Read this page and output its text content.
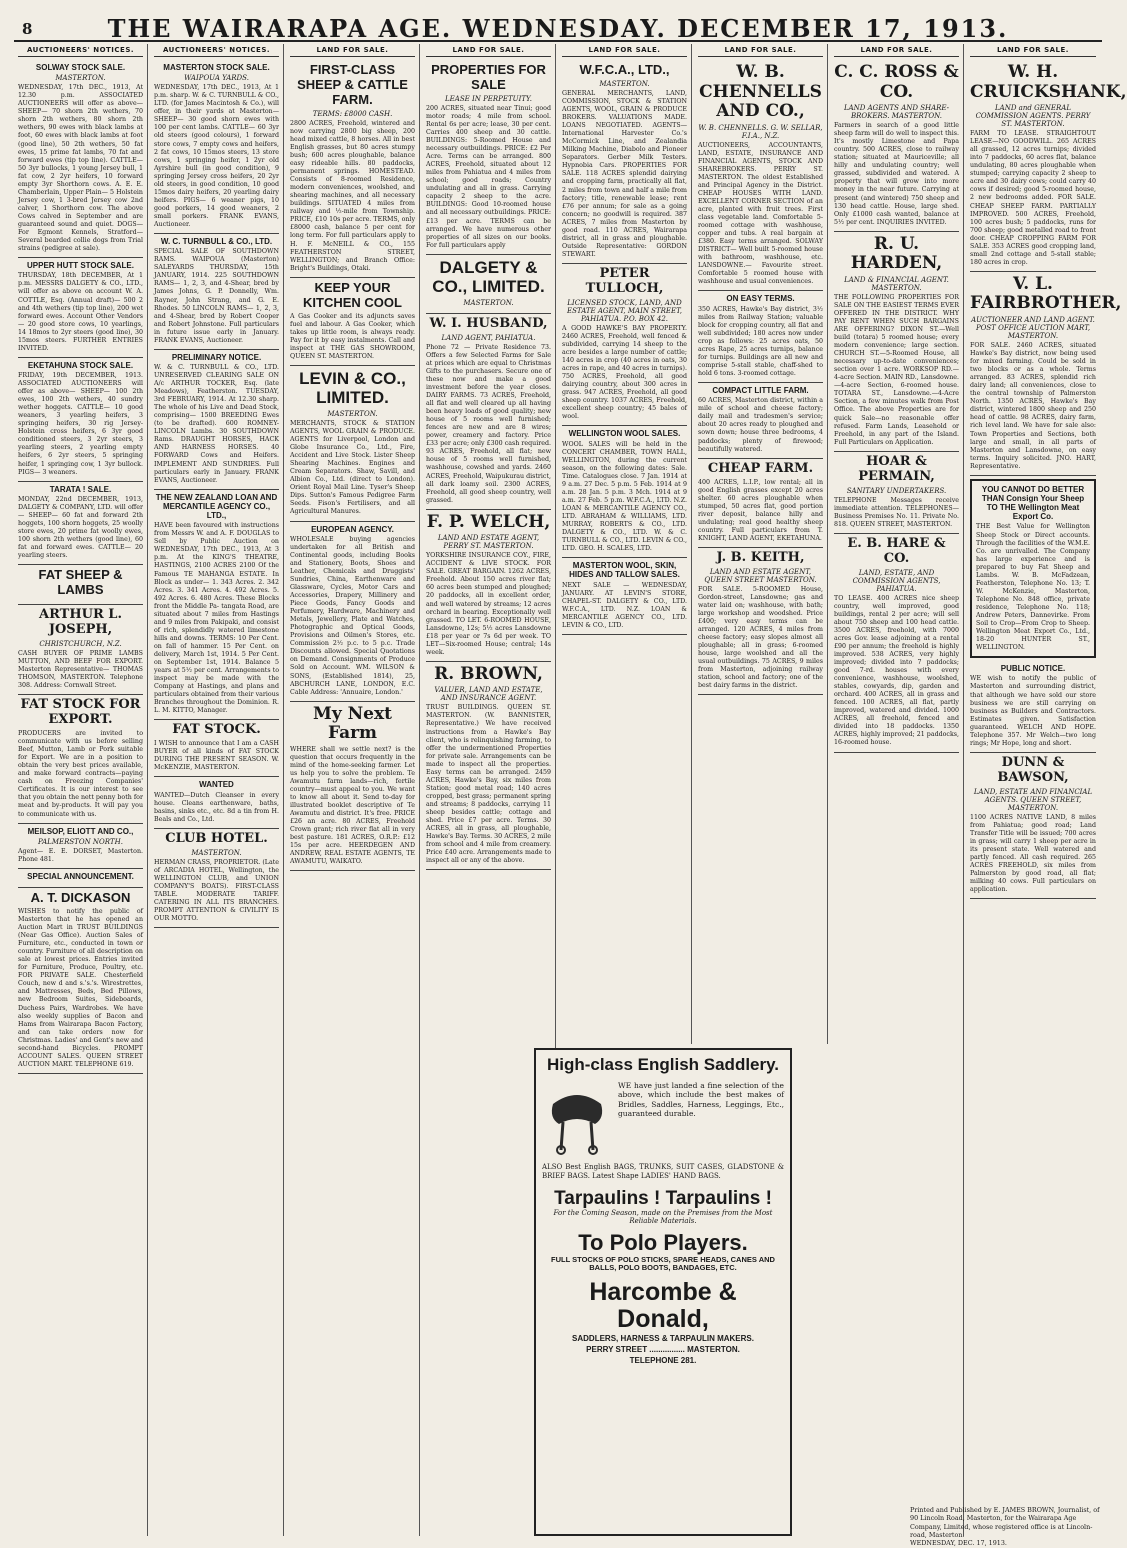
8	THE WAIRARAPA AGE. WEDNESDAY. DECEMBER 17, 1913.
AUCTIONEERS' NOTICES.
SOLWAY STOCK SALE.
MASTERTON.
WEDNESDAY, 17th DEC., 1913, At 12.30 p.m. ASSOCIATED AUCTIONEERS will offer as above— SHEEP— 70 shorn 2th wethers, 70 shorn 2th wethers, 80 shorn 2th wethers, 90 ewes with black lambs at foot, 60 ewes with black lambs at foot (good line), 50 2th wethers, 50 fat ewes, 15 prime fat lambs, 70 fat and forward ewes (tip top line). CATTLE— 50 3yr bullocks, 1 young Jersey bull, 1 fat cow, 2 2yr heifers, 10 forward empty 3yr Shorthorn cows. A. E. E. Chamberlain, Upper Plain— 5 Holstein Jersey cow, 1 3-bred Jersey cow 2nd calver, 1 Shorthorn cow. The above Cows calved in September and are guaranteed sound and quiet. DOGS— For Egmont Kennels, Stratford— Several bearded collie dogs from Trial strains (pedigree at sale).
UPPER HUTT STOCK SALE.
THURSDAY, 18th DECEMBER, At 1 p.m. MESSRS DALGETY & CO., LTD., will offer as above on account W. A. COTTLE, Esq. (Annual draft)— 500 2 and 4th wethers (tip top line), 200 wet forward ewes. Account Other Vendors— 20 good store cows, 10 yearlings, 14 18mos to 2yr steers (good line), 30 15mos steers. FURTHER ENTRIES INVITED.
EKETAHUNA STOCK SALE.
FRIDAY, 19th DECEMBER, 1913. ASSOCIATED AUCTIONEERS will offer as above— SHEEP— 100 2th ewes, 100 2th wethers, 40 sundry wether hoggets. CATTLE— 10 good weaners, 3 yearling heifers, 3 springing heifers, 30 rig Jersey-Holstein cross heifers, 6 3yr good conditioned steers, 3 2yr steers, 3 yearling steers, 2 yearling empty heifers, 6 2yr steers, 5 springing heifer, 1 springing cow, 1 3yr bullock. PIGS— 3 weaners.
TARATA ! SALE.
MONDAY, 22nd DECEMBER, 1913, DALGETY & COMPANY, LTD. will offer— SHEEP— 60 fat and forward 2th hoggets, 100 shorn hoggets, 25 woolly store ewes, 20 prime fat woolly ewes, 100 shorn 2th wethers (good line), 60 fat and forward ewes. CATTLE— 20 yearling steers.
FAT SHEEP & LAMBS
ARTHUR L. JOSEPH,
CHRISTCHURCH, N.Z.
CASH BUYER OF PRIME LAMBS MUTTON, AND BEEF FOR EXPORT. Masterton Representative— THOMAS THOMSON, MASTERTON. Telephone 308. Address: Cornwall Street.
FAT STOCK FOR EXPORT.
PRODUCERS are invited to communicate with us before selling Beef, Mutton, Lamb or Pork suitable for Export. We are in a position to obtain the very best prices available, and make forward contracts—paying cash on Freezing Companies' Certificates. It is our interest to see that you obtain the nett penny both for meat and by-products. It will pay you to communicate with us.
MEILSOP, ELIOTT AND CO.,
PALMERSTON NORTH.
Agent— E. E. DORSET, Masterton. Phone 481.
SPECIAL ANNOUNCEMENT.
A. T. DICKASON
WISHES to notify the public of Masterton that he has opened an Auction Mart in TRUST BUILDINGS (Near Gas Office). Auction Sales of Furniture, etc., conducted in town or country. Furniture of all description on sale at lowest prices. Entries invited for Furniture, Produce, Poultry, etc. FOR PRIVATE SALE. Chesterfield Couch, new d and s.'s.'s. Wirestrettes, and Mattresses, Beds, Bed Pillows, new Bedroom Suites, Sideboards, Duchess Pairs, Wardrobes. We have also weekly supplies of Bacon and Hams from Wairarapa Bacon Factory, and can take orders now for Christmas. Ladies' and Gent's new and second-hand Bicycles. PROMPT ACCOUNT SALES. QUEEN STREET AUCTION MART. TELEPHONE 619.
AUCTIONEERS' NOTICES.
MASTERTON STOCK SALE.
WAIPOUA YARDS.
WEDNESDAY, 17th DEC., 1913, At 1 p.m. sharp. W. & C. TURNBULL & CO., LTD. (for James Macintosh & Co.), will offer, in their yards at Masterton— SHEEP— 30 good shorn ewes with 100 per cent lambs. CATTLE— 60 3yr old steers (good colours), 1 forward store cows, 7 empty cows and heifers, 2 fat cows, 10 15mos steers, 13 store cows, 1 springing heifer, 1 2yr old Ayrshire bull (in good condition), 9 springing Jersey cross heifers, 20 2yr old steers, in good condition, 10 good 15mos dairy heifers, 20 yearling dairy heifers. PIGS— 6 weaner pigs, 10 good porkers, 14 good weaners, 2 small porkers. FRANK EVANS, Auctioneer.
W. C. TURNBULL & CO., LTD.
SPECIAL SALE OF SOUTHDOWN RAMS. WAIPOUA (Masterton) SALEYARDS THURSDAY, 15th JANUARY, 1914. 225 SOUTHDOWN RAMS— 1, 2, 3, and 4-Shear, bred by James Johns, G. P. Donnelly, Wm. Rayner, John Strang, and G. E. Rhodes. 50 LINCOLN RAMS— 1, 2, 3, and 4-Shear, bred by Robert Cooper and Robert Johnstone. Full particulars in future issue early in January. FRANK EVANS, Auctioneer.
PRELIMINARY NOTICE.
W. & C. TURNBULL & CO., LTD. UNRESERVED CLEARING SALE ON A/c ARTHUR TOCKER, Esq. (late Meadows), Featherston. TUESDAY, 3rd FEBRUARY, 1914. At 12.30 sharp. The whole of his Live and Dead Stock, comprising— 1500 BREEDING Ewes (to be drafted). 600 ROMNEY-LINCOLN Lambs. 30 SOUTHDOWN Rams. DRAUGHT HORSES, HACK AND HARNESS HORSES. 40 FORWARD Cows and Heifers. IMPLEMENT AND SUNDRIES. Full particulars early in January. FRANK EVANS, Auctioneer.
THE NEW ZEALAND LOAN AND MERCANTILE AGENCY CO., LTD.,
HAVE been favoured with instructions from Messrs W. and A. F. DOUGLAS to Sell by Public Auction on WEDNESDAY, 17th DEC., 1913, At 3 p.m. At the KING'S THEATRE, HASTINGS, 2100 ACRES 2100 Of the Famous TE MAHANGA ESTATE. In Block as under— 1. 343 Acres. 2. 342 Acres. 3. 341 Acres. 4. 492 Acres. 5. 492 Acres. 6. 480 Acres. These Blocks front the Middle Pa- tangata Road, are situated about 7 miles from Hastings and 9 miles from Pakipaki, and consist of rich, splendidly watered limestone hills and downs. TERMS: 10 Per Cent. on fall of hammer. 15 Per Cent. on delivery, March 1st, 1914. 5 Per Cent. on September 1st, 1914. Balance 5 years at 5½ per cent. Arrangements to inspect may be made with the Company at Hastings, and plans and particulars obtained from their various Branches throughout the Dominion. R. L. M. KITTO, Manager.
FAT STOCK.
I WISH to announce that I am a CASH BUYER of all kinds of FAT STOCK DURING THE PRESENT SEASON. W. McKENZIE, MASTERTON.
WANTED
WANTED—Dutch Cleanser in every house. Cleans earthenware, baths, basins, sinks etc., etc. 8d a tin from H. Beals and Co., Ltd.
CLUB HOTEL.
MASTERTON.
HERMAN CRASS, PROPRIETOR. (Late of ARCADIA HOTEL, Wellington, the WELLINGTON CLUB, and UNION COMPANY'S BOATS). FIRST-CLASS TABLE. MODERATE TARIFF. CATERING IN ALL ITS BRANCHES. PROMPT ATTENTION & CIVILITY IS OUR MOTTO.
LAND FOR SALE.
FIRST-CLASS SHEEP & CATTLE FARM.
TERMS: £8000 CASH.
2800 ACRES, Freehold, wintered and now carrying 2800 big sheep, 200 head mixed cattle, 8 horses. All in best English grasses, but 80 acres stumpy bush; 600 acres ploughable, balance easy rideable hills. 80 paddocks, permanent springs. HOMESTEAD. Consists of 8-roomed Residence, modern conveniences, woolshed, and shearing machines, and all necessary buildings. SITUATED 4 miles from railway and ½-mile from Township. PRICE, £10 10s per acre. TERMS, only £8000 cash, balance 5 per cent for long term. For full particulars apply to H. F. McNEILL & CO., 155 FEATHERSTON STREET, WELLINGTON; and Branch Office: Bright's Buildings, Otaki.
KEEP YOUR KITCHEN COOL
A Gas Cooker and its adjuncts saves fuel and labour. A Gas Cooker, which takes up little room, is always ready. Pay for it by easy instalments. Call and inspect at THE GAS SHOWROOM, QUEEN ST. MASTERTON.
LEVIN & CO., LIMITED.
MASTERTON.
MERCHANTS, STOCK & STATION AGENTS, WOOL GRAIN & PRODUCE. AGENTS for Liverpool, London and Globe Insurance Co., Ltd., Fire, Accident and Live Stock. Lister Sheep Shearing Machines. Engines and Cream Separators. Shaw, Savill, and Albion Co., Ltd. (direct to London). Orient Royal Mail Line. Tyser's Sheep Dips. Sutton's Famous Pedigree Farm Seeds. Fison's Fertilisers, and all Agricultural Manures.
EUROPEAN AGENCY.
WHOLESALE buying agencies undertaken for all British and Continental goods, including Books and Stationery, Boots, Shoes and Leather, Chemicals and Druggists' Sundries, China, Earthenware and Glassware, Cycles, Motor Cars and Accessories, Drapery, Millinery and Piece Goods, Fancy Goods and Perfumery, Hardware, Machinery and Metals, Jewellery, Plate and Watches, Photographic and Optical Goods, Provisions and Oilmen's Stores, etc. Commission 2½ p.c. to 5 p.c. Trade Discounts allowed. Special Quotations on Demand. Consignments of Produce Sold on Account. WM. WILSON & SONS, (Established 1814), 25, ABCHURCH LANE, LONDON, E.C. Cable Address: 'Annuaire, London.'
My Next Farm
WHERE shall we settle next? is the question that occurs frequently in the mind of the home-seeking farmer. Let us help you to solve the problem. Te Awamutu farm lands—rich, fertile country—must appeal to you. We want to know all about it. Send to-day for illustrated booklet descriptive of Te Awamutu and district. It's free. PRICE £26 an acre. 80 ACRES, Freehold Crown grant; rich river flat all in very best pasture. 181 ACRES, O.R.P.: £12 15s per acre. HEERDEGEN AND ANDREW, REAL ESTATE AGENTS, TE AWAMUTU, WAIKATO.
LAND FOR SALE.
PROPERTIES FOR SALE
LEASE IN PERPETUITY.
200 ACRES, situated near Tinui; good motor roads; 4 mile from school. Rental 6s per acre; lease, 30 per cent. Carries 400 sheep and 30 cattle. BUILDINGS: 5-Roomed House and necessary outbuildings. PRICE: £2 Per Acre. Terms can be arranged. 800 ACRES, Freehold, situated about 12 miles from Pahiatua and 4 miles from school; good roads; Country undulating and all in grass. Carrying capacity 2 sheep to the acre. BUILDINGS: Good 10-roomed house and all necessary outbuildings. PRICE: £13 per acre. TERMS can be arranged. We have numerous other properties of all sizes on our books. For full particulars apply
DALGETY & CO., LIMITED.
MASTERTON.
W. I. HUSBAND,
LAND AGENT, PAHIATUA.
Phone 72 — Private Residence 73. Offers a few Selected Farms for Sale at prices which are equal to Christmas Gifts to the purchasers. Secure one of these now and make a good investment before the year closes. DAIRY FARMS. 73 ACRES, Freehold, all flat and well cleared up all having been heavy loads of good quality; new house of 5 rooms well furnished; fences are new and are 8 wires; power, creamery and factory. Price £33 per acre; only £300 cash required. 93 ACRES, Freehold, all flat; new house of 5 rooms well furnished, washhouse, cowshed and yards. 2460 ACRES, Freehold, Waipukurau district, all dark loamy soil. 2300 ACRES, Freehold, all good sheep country, well grassed.
F. P. WELCH,
LAND AND ESTATE AGENT, PERRY ST. MASTERTON.
YORKSHIRE INSURANCE COY., FIRE, ACCIDENT & LIVE STOCK. FOR SALE. GREAT BARGAIN. 1262 ACRES, Freehold. About 150 acres river flat; 60 acres been stumped and ploughed; 20 paddocks, all in excellent order, and well watered by streams; 12 acres orchard in bearing. Exceptionally well grassed. TO LET. 6-ROOMED HOUSE, Lansdowne, 12s; 5½ acres Lansdowne £18 per year or 7s 6d per week. TO LET—Six-roomed House; central; 14s week.
R. BROWN,
VALUER, LAND AND ESTATE, AND INSURANCE AGENT.
TRUST BUILDINGS. QUEEN ST. MASTERTON. (W. BANNISTER, Representative.) We have received instructions from a Hawke's Bay client, who is relinquishing farming, to offer the undermentioned Properties for private sale. Arrangements can be made to inspect all the properties. Easy terms can be arranged. 2459 ACRES, Hawke's Bay, six miles from Station; good metal road; 140 acres cropped, best grass; permanent spring and streams; 8 paddocks, carrying 11 sheep besides cattle; cottage and shed. Price £7 per acre. Terms. 30 ACRES, all in grass, all ploughable, Hawke's Bay. Terms. 30 ACRES, 2 mile from school and 4 mile from creamery. Price £40 acre. Arrangements made to inspect all or any of the above.
LAND FOR SALE.
W.F.C.A., LTD.,
MASTERTON.
GENERAL MERCHANTS, LAND, COMMISSION, STOCK & STATION AGENTS, WOOL, GRAIN & PRODUCE BROKERS. VALUATIONS MADE. LOANS NEGOTIATED. AGENTS—International Harvester Co.'s McCormick Line, and Zealandia Milking Machine, Diabolo and Pioneer Separators. Gerber Milk Testers. Hypnobia Cars. PROPERTIES FOR SALE. 118 ACRES splendid dairying and cropping farm, practically all flat, 2 miles from town and half a mile from factory; title, renewable lease; rent £76 per annum; for sale as a going concern; no goodwill is required. 387 ACRES, 7 miles from Masterton by good road. 110 ACRES, Wairarapa district, all in grass and ploughable. Outside Representative: GORDON STEWART.
PETER TULLOCH,
LICENSED STOCK, LAND, AND ESTATE AGENT, MAIN STREET, PAHIATUA. P.O. BOX 42.
A GOOD HAWKE'S BAY PROPERTY. 2460 ACRES, Freehold, well fenced & subdivided, carrying 14 sheep to the acre besides a large number of cattle; 140 acres in crop (40 acres in oats, 30 acres in rape, and 40 acres in turnips). 750 ACRES, Freehold, all good dairying country, about 300 acres in grass. 947 ACRES, Freehold, all good sheep country. 1037 ACRES, Freehold, excellent sheep country; 45 bales of wool.
WELLINGTON WOOL SALES.
WOOL SALES will be held in the CONCERT CHAMBER, TOWN HALL, WELLINGTON, during the current season, on the following dates: Sale. Time. Catalogues close. 7 Jan. 1914 at 9 a.m. 27 Dec. 5 p.m. 5 Feb. 1914 at 9 a.m. 28 Jan. 5 p.m. 3 Mch. 1914 at 9 a.m. 27 Feb. 5 p.m. W.F.C.A., LTD. N.Z. LOAN & MERCANTILE AGENCY CO., LTD. ABRAHAM & WILLIAMS, LTD. MURRAY, ROBERTS & CO., LTD. DALGETY & CO., LTD. W. & C. TURNBULL & CO., LTD. LEVIN & CO., LTD. GEO. H. SCALES, LTD.
MASTERTON WOOL, SKIN, HIDES AND TALLOW SALES.
NEXT SALE — WEDNESDAY, JANUARY. AT LEVIN'S STORE, CHAPEL-ST. DALGETY & CO., LTD. W.F.C.A., LTD. N.Z. LOAN & MERCANTILE AGENCY CO., LTD. LEVIN & CO., LTD.
LAND FOR SALE.
W. B. CHENNELLS AND CO.,
W. B. CHENNELLS. G. W. SELLAR, F.I.A., N.Z.
AUCTIONEERS, ACCOUNTANTS, LAND, ESTATE, INSURANCE AND FINANCIAL AGENTS, STOCK AND SHAREBROKERS. PERRY ST. MASTERTON. The oldest Established and Principal Agency in the District. CHEAP HOUSES WITH LAND. EXCELLENT CORNER SECTION of an acre, planted with fruit trees. First class vegetable land. Comfortable 5-roomed cottage with washhouse, copper and tubs. A real bargain at £380. Easy terms arranged. SOLWAY DISTRICT— Well built 5-roomed house with bathroom, washhouse, etc. LANSDOWNE.— Favourite street. Comfortable 5 roomed house with washhouse and usual conveniences.
ON EASY TERMS.
350 ACRES, Hawke's Bay district, 3½ miles from Railway Station; valuable block for cropping country, all flat and well subdivided; 180 acres now under crop as follows: 25 acres oats, 50 acres Rape, 25 acres turnips, balance for turnips. Buildings are all new and comprise 5-stall stable, chaff-shed to hold 6 tons. 3-roomed cottage.
COMPACT LITTLE FARM.
60 ACRES, Masterton district, within a mile of school and cheese factory; daily mail and tradesmen's service; about 20 acres ready to ploughed and sown down; house three bedrooms, 4 paddocks; plenty of firewood; beautifully watered.
CHEAP FARM.
400 ACRES, L.I.P., low rental; all in good English grasses except 20 acres shelter. 60 acres ploughable when stumped, 50 acres flat, good portion river deposit, balance hilly and undulating; real good healthy sheep country. Full particulars from T. KNIGHT, LAND AGENT, EKETAHUNA.
J. B. KEITH,
LAND AND ESTATE AGENT, QUEEN STREET MASTERTON.
FOR SALE. 5-ROOMED House, Gordon-street, Lansdowne; gas and water laid on; washhouse, with bath; large workshop and woodshed. Price £400; very easy terms can be arranged. 120 ACRES, 4 miles from cheese factory; easy slopes almost all ploughable; all in grass; 6-roomed house, large woolshed and all the usual outbuildings. 75 ACRES, 9 miles from Masterton, adjoining railway station, school and factory; one of the best dairy farms in the district.
LAND FOR SALE.
C. C. ROSS & CO.
LAND AGENTS AND SHARE-BROKERS. MASTERTON.
Farmers in search of a good little sheep farm will do well to inspect this. It's mostly Limestone and Papa country. 500 ACRES, close to railway station; situated at Mauriceville; all hilly and undulating country; well grassed, subdivided and watered. A property that will grow into more money in the near future. Carrying at present (and wintered) 750 sheep and 130 head cattle. House, large shed. Only £1000 cash wanted, balance at 5½ per cent. INQUIRIES INVITED.
R. U. HARDEN,
LAND & FINANCIAL AGENT. MASTERTON.
THE FOLLOWING PROPERTIES FOR SALE ON THE EASIEST TERMS EVER OFFERED IN THE DISTRICT. WHY PAY RENT WHEN SUCH BARGAINS ARE OFFERING? DIXON ST.—Well build (totara) 5 roomed house; every modern convenience; large section. CHURCH ST.—5-Roomed House, all necessary up-to-date conveniences; section over 1 acre. WORKSOP RD.—4-acre Section. MAIN RD., Lansdowne.—4-acre Section, 6-roomed house. TOTARA ST., Lansdowne.—4-Acre Section, a few minutes walk from Post Office. The above Properties are for quick Sale—no reasonable offer refused. Farm Lands, Leasehold or Freehold, in any part of the Island. Full Particulars on Application.
HOAR & PERMAIN,
SANITARY UNDERTAKERS.
TELEPHONE Messages receive immediate attention. TELEPHONES— Business Premises No. 11. Private No. 818. QUEEN STREET, MASTERTON.
E. B. HARE & CO.
LAND, ESTATE, AND COMMISSION AGENTS, PAHIATUA.
TO LEASE. 400 ACRES nice sheep country, well improved, good buildings, rental 2 per acre; will sell about 750 sheep and 100 head cattle. 3500 ACRES, freehold, with 7000 acres Gov. lease adjoining at a rental £90 per annum; the freehold is highly improved. 538 ACRES, very highly improved; divided into 7 paddocks; good 7-rd. houses with every convenience, washhouse, woolshed, stables, cowyards, dip, garden and orchard. 400 ACRES, all in grass and fenced. 100 ACRES, all flat, partly improved, watered and divided. 1000 ACRES, all freehold, fenced and divided into 18 paddocks. 1350 ACRES, highly improved; 21 paddocks, 16-roomed house.
LAND FOR SALE.
W. H. CRUICKSHANK,
LAND and GENERAL COMMISSION AGENTS. PERRY ST. MASTERTON.
FARM TO LEASE. STRAIGHTOUT LEASE—NO GOODWILL. 265 ACRES all grassed, 12 acres turnips; divided into 7 paddocks, 60 acres flat, balance undulating, 80 acres ploughable when stumped; carrying capacity 2 sheep to acre and 30 dairy cows; could carry 40 cows if desired; good 5-roomed house, 2 new bedrooms added. FOR SALE. CHEAP SHEEP FARM. PARTIALLY IMPROVED. 500 ACRES, Freehold, 100 acres bush; 5 paddocks, runs for 700 sheep; good metalled road to front door. CHEAP CROPPING FARM FOR SALE. 353 ACRES good cropping land, small 2nd cottage and 5-stall stable; 180 acres in crop.
V. L. FAIRBROTHER,
AUCTIONEER AND LAND AGENT. POST OFFICE AUCTION MART, MASTERTON.
FOR SALE. 2460 ACRES, situated Hawke's Bay district, now being used for mixed farming. Could be sold in two blocks or as a whole. Terms arranged. 83 ACRES, splendid rich dairy land; all conveniences, close to the central township of Palmerston North. 1350 ACRES, Hawke's Bay district, wintered 1800 sheep and 250 head of cattle. 98 ACRES, dairy farm, rich level land. We have for sale also: Town Properties and Sections, both large and small, in all parts of Masterton and Lansdowne, on easy terms. Inquiry solicited. JNO. HART, Representative.
YOU CANNOT DO BETTER THAN Consign Your Sheep TO THE Wellington Meat Export Co.
THE Best Value for Wellington Sheep Stock or Direct accounts. Through the facilities of the W.M.E. Co. are unrivalled. The Company has large experience and is prepared to buy Fat Sheep and Lambs. W. B. McFadzean, Featherston, Telephone No. 13; T. W. McKenzie, Masterton, Telephone No. 848 office, private residence, Telephone No. 118; Andrew Peters, Dannevirke. From Soil to Crop—From Crop to Sheep. Wellington Meat Export Co., Ltd., 18-20 HUNTER ST., WELLINGTON.
PUBLIC NOTICE.
WE wish to notify the public of Masterton and surrounding district, that although we have sold our store business we are still carrying on business as Builders and Contractors. Estimates given. Satisfaction guaranteed. WELCH AND HOPE. Telephone 357. Mr Welch—two long rings; Mr Hope, long and short.
DUNN & BAWSON,
LAND, ESTATE AND FINANCIAL AGENTS. QUEEN STREET, MASTERTON.
1100 ACRES NATIVE LAND, 8 miles from Pahiatua; good road; Land Transfer Title will be issued; 700 acres in grass; will carry 1 sheep per acre in its present state. Well watered and partly fenced. All cash required. 265 ACRES FREEHOLD, six miles from Palmerston by good road, all flat; milking 40 cows. Full particulars on application.
High-class English Saddlery.
WE have just landed a fine selection of the above, which include the best makes of Bridles, Saddles, Harness, Leggings, Etc., guaranteed durable.
ALSO Best English BAGS, TRUNKS, SUIT CASES, GLADSTONE & BRIEF BAGS. Latest Shape LADIES' HAND BAGS.
Tarpaulins ! Tarpaulins !
For the Coming Season, made on the Premises from the Most Reliable Materials.
To Polo Players.
FULL STOCKS OF POLO STICKS, SPARE HEADS, CANES AND BALLS, POLO BOOTS, BANDAGES, ETC.
Harcombe & Donald,
SADDLERS, HARNESS & TARPAULIN MAKERS.
PERRY STREET ................ MASTERTON.
TELEPHONE 281.
Printed and Published by E. JAMES BROWN, Journalist, of 90 Lincoln Road, Masterton, for the Wairarapa Age Company, Limited, whose registered office is at Lincoln-road, Masterton.
WEDNESDAY, DEC. 17, 1913.
